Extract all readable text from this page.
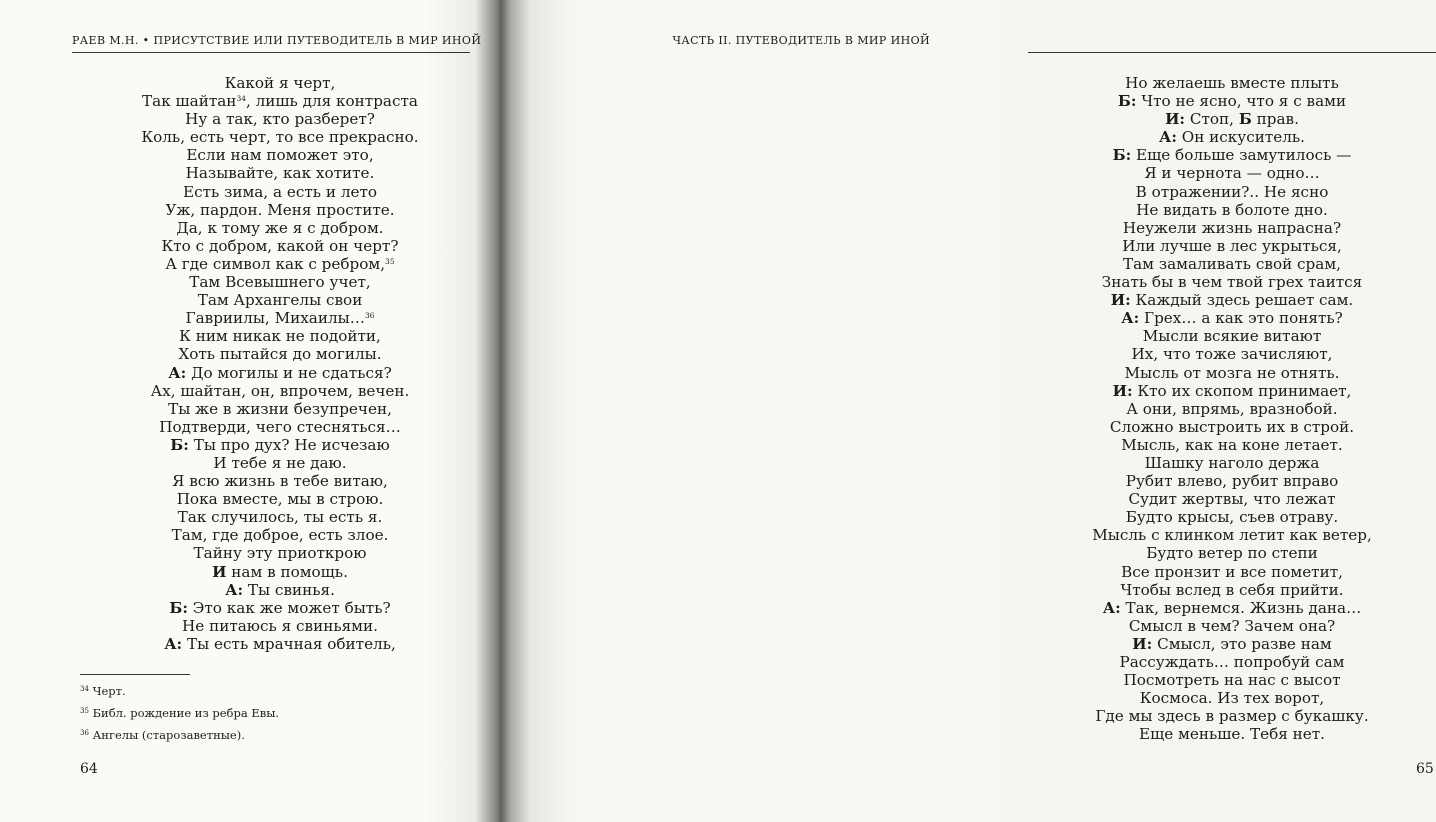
РАЕВ М.Н. • ПРИСУТСТВИЕ ИЛИ ПУТЕВОДИТЕЛЬ В МИР ИНОЙ
Какой я черт,
Так шайтан$^{34}$, лишь для контраста
Ну а так, кто разберет?
Коль, есть черт, то все прекрасно.
Если нам поможет это,
Называйте, как хотите.
Есть зима, а есть и лето
Уж, пардон. Меня простите.
Да, к тому же я с добром.
Кто с добром, какой он черт?
А где символ как с ребром,$^{35}$
Там Всевышнего учет,
Там Архангелы свои
Гавриилы, Михаилы…$^{36}$
К ним никак не подойти,
Хоть пытайся до могилы.
А: До могилы и не сдаться?
Ах, шайтан, он, впрочем, вечен.
Ты же в жизни безупречен,
Подтверди, чего стесняться…
Б: Ты про дух? Не исчезаю
И тебе я не даю.
Я всю жизнь в тебе витаю,
Пока вместе, мы в строю.
Так случилось, ты есть я.
Там, где доброе, есть злое.
Тайну эту приоткрою
И нам в помощь.
А: Ты свинья.
Б: Это как же может быть?
Не питаюсь я свиньями.
А: Ты есть мрачная обитель,
$^{34}$ Черт.
$^{35}$ Библ. рождение из ребра Евы.
$^{36}$ Ангелы (старозаветные).
64
ЧАСТЬ II. ПУТЕВОДИТЕЛЬ В МИР ИНОЙ
Но желаешь вместе плыть
Б: Что не ясно, что я с вами
И: Стоп, Б прав.
А: Он искуситель.
Б: Еще больше замутилось —
Я и чернота — одно…
В отражении?.. Не ясно
Не видать в болоте дно.
Неужели жизнь напрасна?
Или лучше в лес укрыться,
Там замаливать свой срам,
Знать бы в чем твой грех таится
И: Каждый здесь решает сам.
А: Грех… а как это понять?
Мысли всякие витают
Их, что тоже зачисляют,
Мысль от мозга не отнять.
И: Кто их скопом принимает,
А они, впрямь, вразнобой.
Сложно выстроить их в строй.
Мысль, как на коне летает.
Шашку наголо держа
Рубит влево, рубит вправо
Судит жертвы, что лежат
Будто крысы, съев отраву.
Мысль с клинком летит как ветер,
Будто ветер по степи
Все пронзит и все пометит,
Чтобы вслед в себя прийти.
А: Так, вернемся. Жизнь дана…
Смысл в чем? Зачем она?
И: Смысл, это разве нам
Рассуждать… попробуй сам
Посмотреть на нас с высот
Космоса. Из тех ворот,
Где мы здесь в размер с букашку.
Еще меньше. Тебя нет.
65
